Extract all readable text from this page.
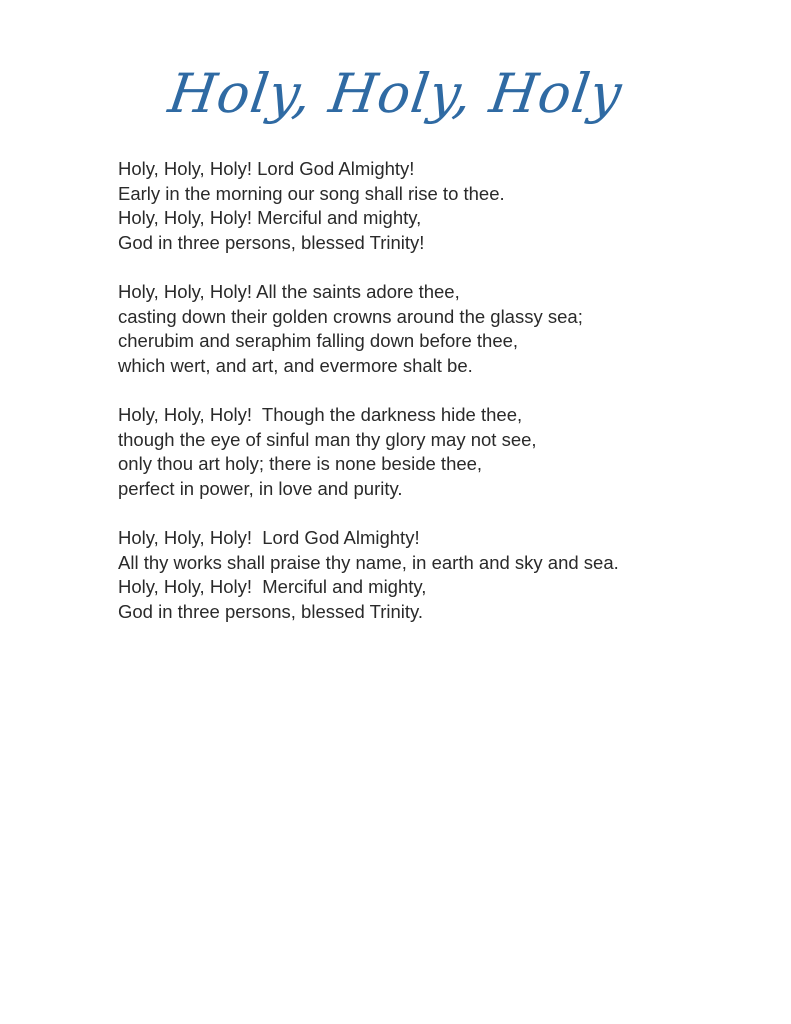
Holy, Holy, Holy
Holy, Holy, Holy! Lord God Almighty!
Early in the morning our song shall rise to thee.
Holy, Holy, Holy! Merciful and mighty,
God in three persons, blessed Trinity!
Holy, Holy, Holy! All the saints adore thee,
casting down their golden crowns around the glassy sea;
cherubim and seraphim falling down before thee,
which wert, and art, and evermore shalt be.
Holy, Holy, Holy!  Though the darkness hide thee,
though the eye of sinful man thy glory may not see,
only thou art holy; there is none beside thee,
perfect in power, in love and purity.
Holy, Holy, Holy!  Lord God Almighty!
All thy works shall praise thy name, in earth and sky and sea.
Holy, Holy, Holy!  Merciful and mighty,
God in three persons, blessed Trinity.
